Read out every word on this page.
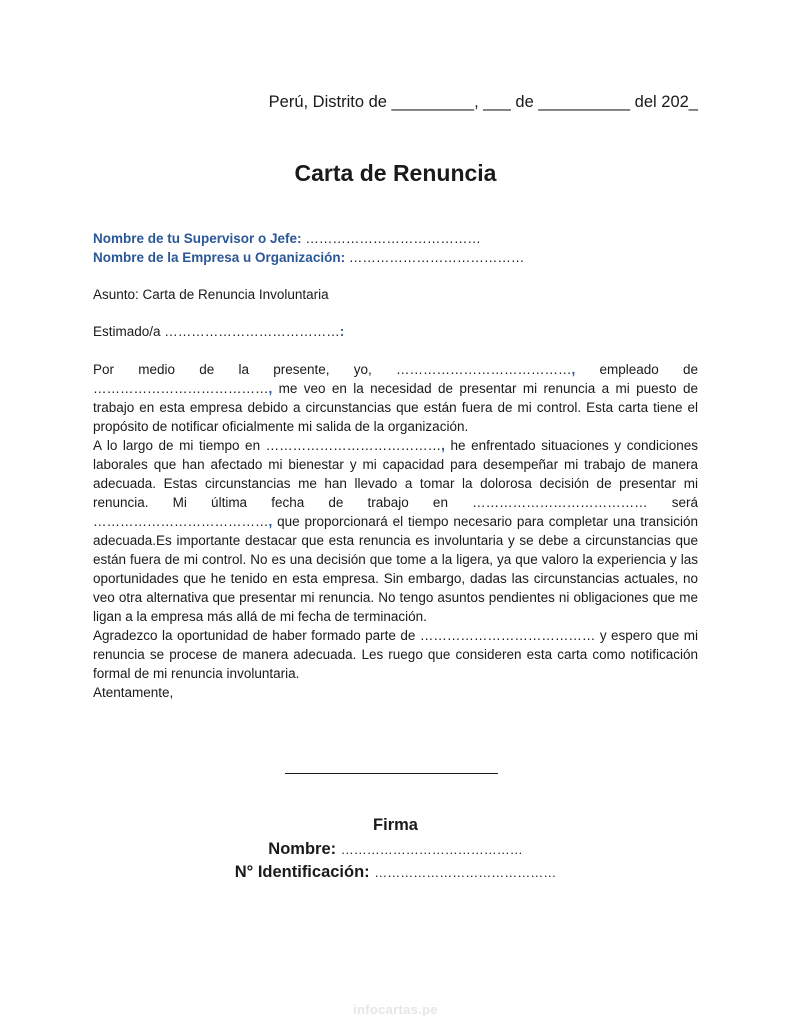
Perú, Distrito de _________, ___ de __________ del 202_
Carta de Renuncia
Nombre de tu Supervisor o Jefe: …………………………………
Nombre de la Empresa u Organización: …………………………………
Asunto: Carta de Renuncia Involuntaria
Estimado/a …………………………………:

Por medio de la presente, yo, …………………………………, empleado de …………………………………, me veo en la necesidad de presentar mi renuncia a mi puesto de trabajo en esta empresa debido a circunstancias que están fuera de mi control. Esta carta tiene el propósito de notificar oficialmente mi salida de la organización.

A lo largo de mi tiempo en …………………………………, he enfrentado situaciones y condiciones laborales que han afectado mi bienestar y mi capacidad para desempeñar mi trabajo de manera adecuada. Estas circunstancias me han llevado a tomar la dolorosa decisión de presentar mi renuncia. Mi última fecha de trabajo en ………………………………… será …………………………………, que proporcionará el tiempo necesario para completar una transición adecuada.Es importante destacar que esta renuncia es involuntaria y se debe a circunstancias que están fuera de mi control. No es una decisión que tome a la ligera, ya que valoro la experiencia y las oportunidades que he tenido en esta empresa. Sin embargo, dadas las circunstancias actuales, no veo otra alternativa que presentar mi renuncia. No tengo asuntos pendientes ni obligaciones que me ligan a la empresa más allá de mi fecha de terminación.

Agradezco la oportunidad de haber formado parte de ………………………………… y espero que mi renuncia se procese de manera adecuada. Les ruego que consideren esta carta como notificación formal de mi renuncia involuntaria.

Atentamente,

Firma
Nombre: ……………………………………
N° Identificación: ……………………………………
infocartas.pe
